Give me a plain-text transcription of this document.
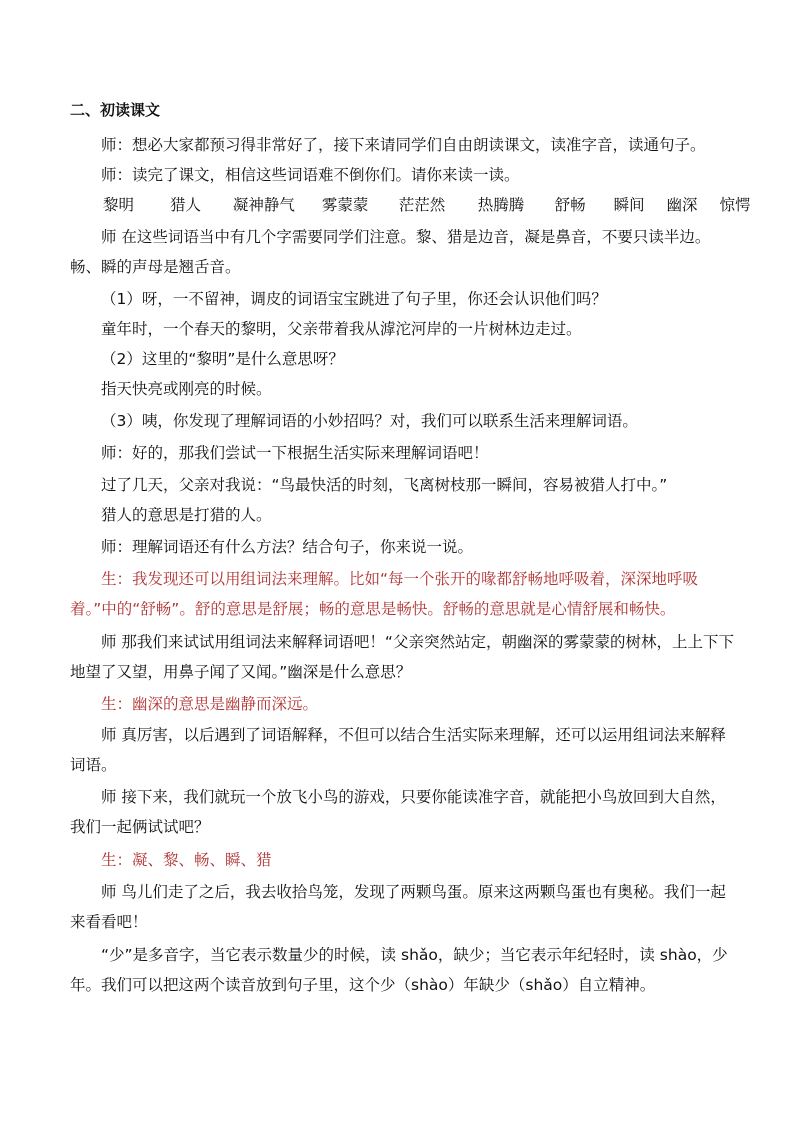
二、初读课文

师：想必大家都预习得非常好了，接下来请同学们自由朗读课文，读准字音，读通句子。

师：读完了课文，相信这些词语难不倒你们。请你来读一读。

黎明 猎人 凝神静气 雾蒙蒙 茫茫然 热腾腾 舒畅 瞬间 幽深 惊愕

师 在这些词语当中有几个字需要同学们注意。黎、猎是边音，凝是鼻音，不要只读半边。畅、瞬的声母是翘舌音。

（1）呀，一不留神，调皮的词语宝宝跳进了句子里，你还会认识他们吗？

童年时，一个春天的黎明，父亲带着我从滹沱河岸的一片树林边走过。

（2）这里的“黎明”是什么意思呀？

指天快亮或刚亮的时候。

（3）咦，你发现了理解词语的小妙招吗？对，我们可以联系生活来理解词语。

师：好的，那我们尝试一下根据生活实际来理解词语吧！

过了几天，父亲对我说：“鸟最快活的时刻，飞离树枝那一瞬间，容易被猎人打中。”

猎人的意思是打猎的人。

师：理解词语还有什么方法？结合句子，你来说一说。

生：我发现还可以用组词法来理解。比如“每一个张开的喙都舒畅地呼吸着，深深地呼吸着。”中的“舒畅”。舒的意思是舒展；畅的意思是畅快。舒畅的意思就是心情舒展和畅快。

师 那我们来试试用组词法来解释词语吧！“父亲突然站定，朝幽深的雾蒙蒙的树林，上上下下地望了又望，用鼻子闻了又闻。”幽深是什么意思？

生：幽深的意思是幽静而深远。

师 真厉害，以后遇到了词语解释，不但可以结合生活实际来理解，还可以运用组词法来解释词语。

师 接下来，我们就玩一个放飞小鸟的游戏，只要你能读准字音，就能把小鸟放回到大自然，我们一起俩试试吧？

生：凝、黎、畅、瞬、猎

师 鸟儿们走了之后，我去收拾鸟笼，发现了两颗鸟蛋。原来这两颗鸟蛋也有奥秘。我们一起来看看吧！

“少”是多音字，当它表示数量少的时候，读 shǎo，缺少；当它表示年纪轻时，读 shào，少年。我们可以把这两个读音放到句子里，这个少（shào）年缺少（shǎo）自立精神。
